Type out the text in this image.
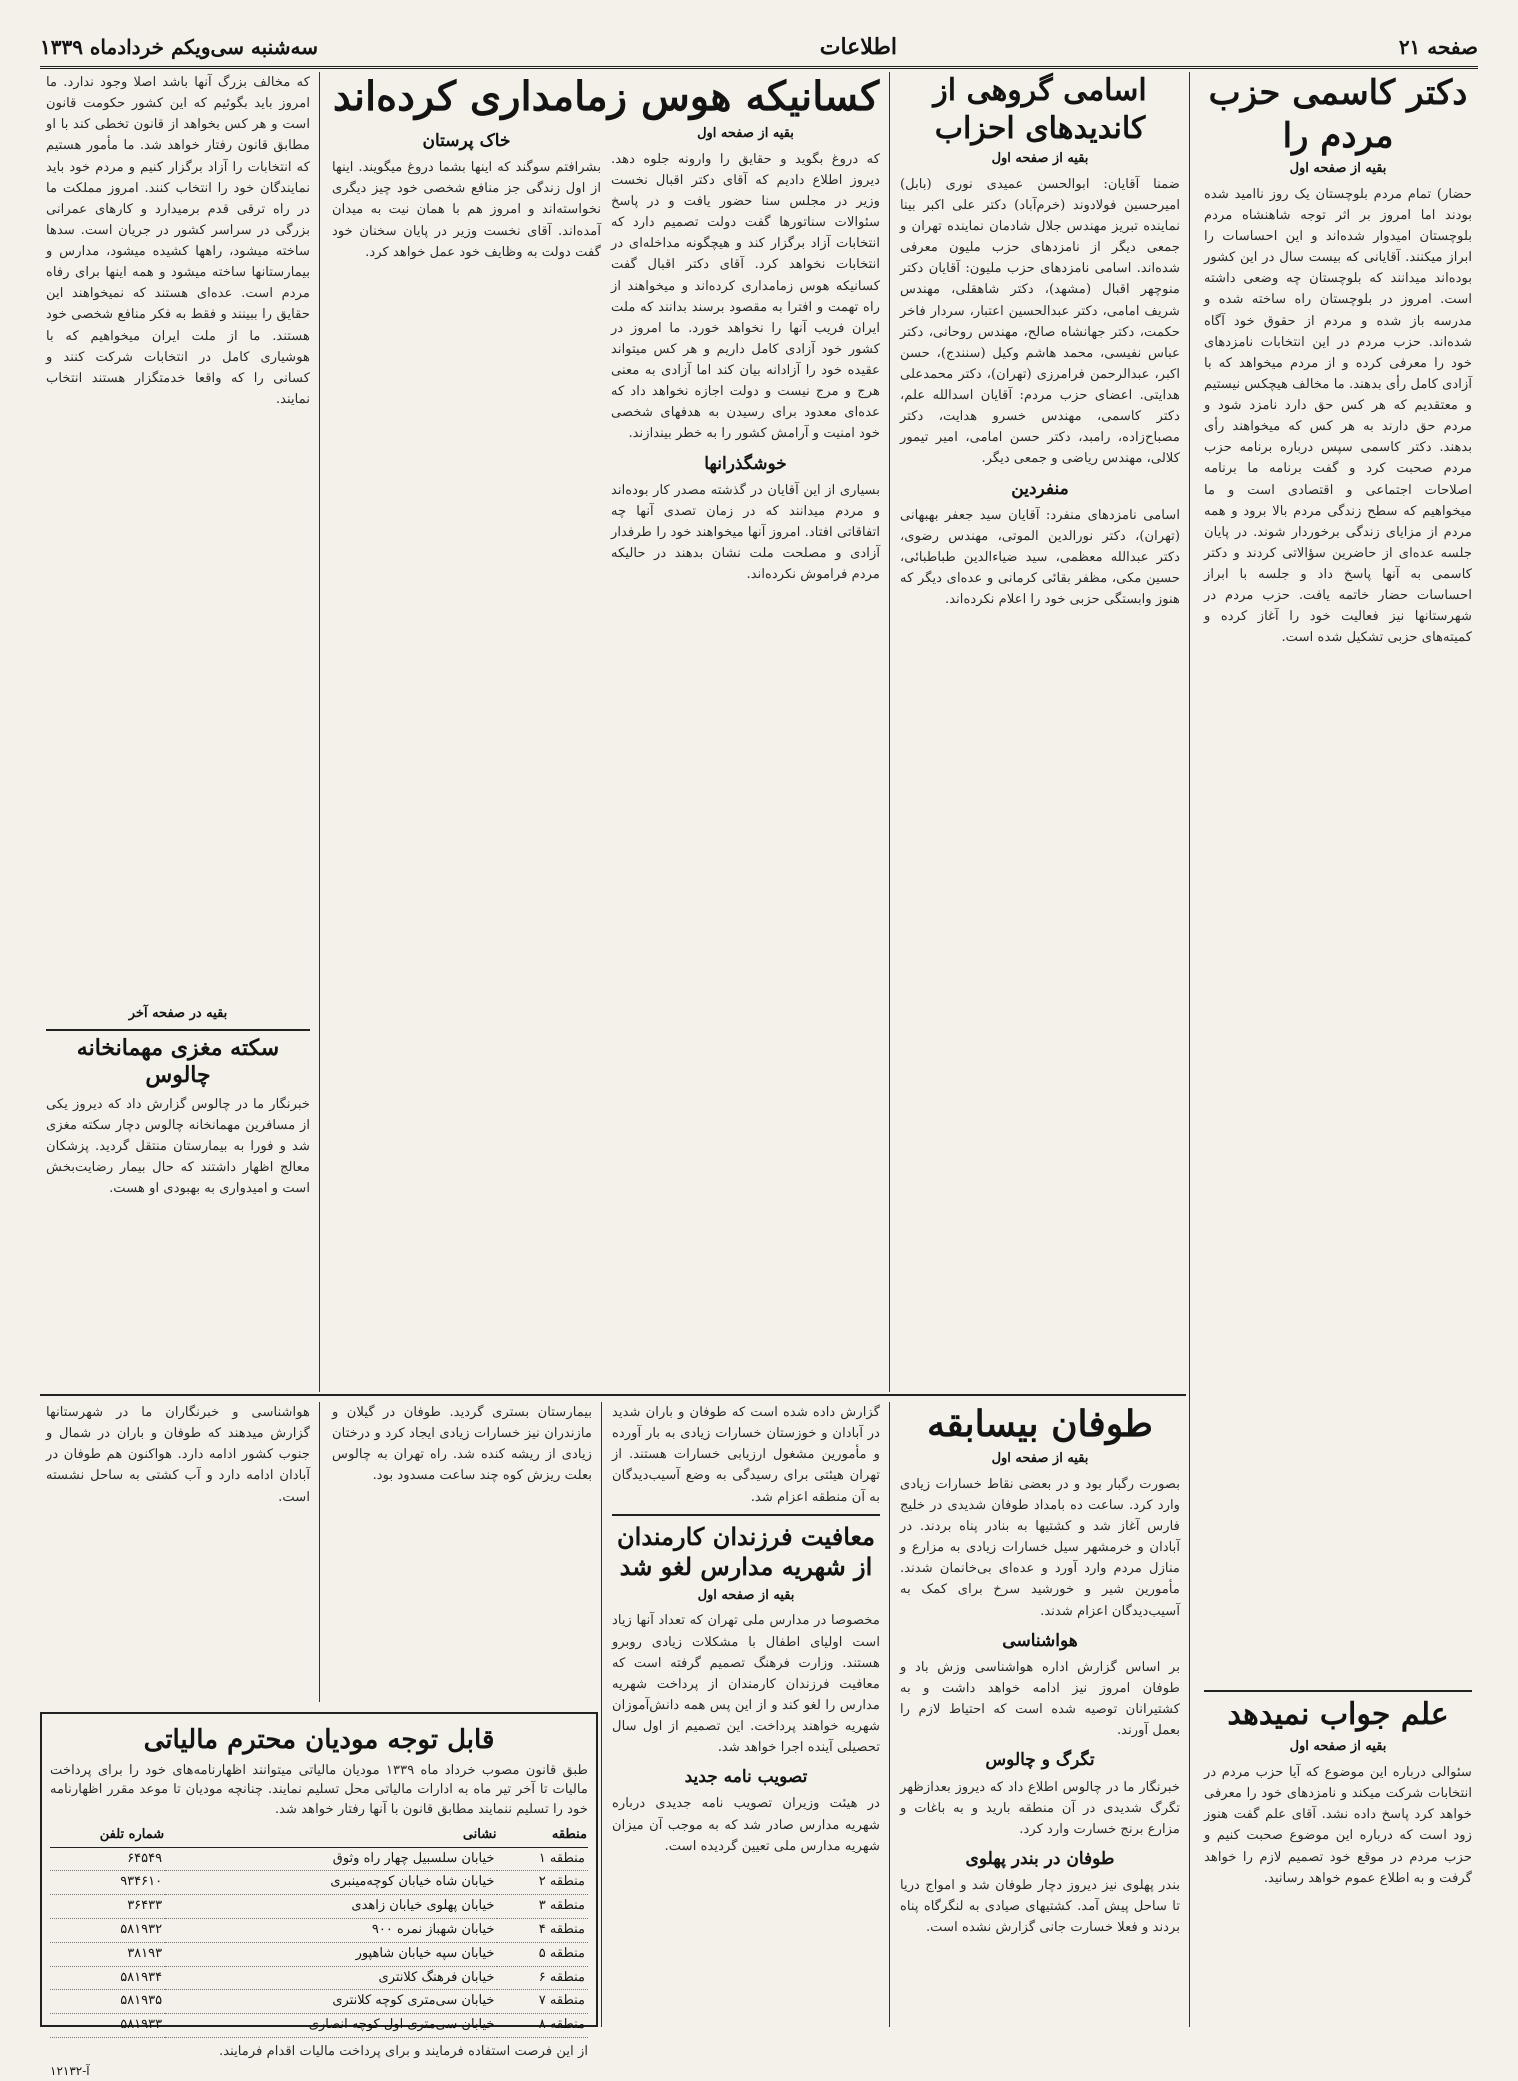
صفحه ۲۱
اطلاعات
سه‌شنبه سی‌ویکم خردادماه ۱۳۳۹
دکتر کاسمی حزب مردم را
بقیه از صفحه اول

حضار) تمام مردم بلوچستان یک روز ناامید شده بودند اما امروز بر اثر توجه شاهنشاه مردم بلوچستان امیدوار شده‌اند و این احساسات را ابراز میکنند. آقایانی که بیست سال در این کشور بوده‌اند میدانند که بلوچستان چه وضعی داشته است. امروز در بلوچستان راه ساخته شده و مدرسه باز شده و مردم از حقوق خود آگاه شده‌اند. حزب مردم در این انتخابات نامزدهای خود را معرفی کرده و از مردم میخواهد که با آزادی کامل رأی بدهند. ما مخالف هیچکس نیستیم و معتقدیم که هر کس حق دارد نامزد شود و مردم حق دارند به هر کس که میخواهند رأی بدهند. دکتر کاسمی سپس درباره برنامه حزب مردم صحبت کرد و گفت برنامه ما برنامه اصلاحات اجتماعی و اقتصادی است و ما میخواهیم که سطح زندگی مردم بالا برود و همه مردم از مزایای زندگی برخوردار شوند. در پایان جلسه عده‌ای از حاضرین سؤالاتی کردند و دکتر کاسمی به آنها پاسخ داد و جلسه با ابراز احساسات حضار خاتمه یافت. حزب مردم در شهرستانها نیز فعالیت خود را آغاز کرده و کمیته‌های حزبی تشکیل شده است.

علم جواب نمیدهد
بقیه از صفحه اول

سئوالی درباره این موضوع که آیا حزب مردم در انتخابات شرکت میکند و نامزدهای خود را معرفی خواهد کرد پاسخ داده نشد. آقای علم گفت هنوز زود است که درباره این موضوع صحبت کنیم و حزب مردم در موقع خود تصمیم لازم را خواهد گرفت و به اطلاع عموم خواهد رسانید.

اسامی گروهی از کاندیدهای احزاب
بقیه از صفحه اول

ضمنا آقایان: ابوالحسن عمیدی نوری (بابل) امیرحسین فولادوند (خرم‌آباد) دکتر علی اکبر بینا نماینده تبریز مهندس جلال شادمان نماینده تهران و جمعی دیگر از نامزدهای حزب ملیون معرفی شده‌اند. اسامی نامزدهای حزب ملیون: آقایان دکتر منوچهر اقبال (مشهد)، دکتر شاهقلی، مهندس شریف امامی، دکتر عبدالحسین اعتبار، سردار فاخر حکمت، دکتر جهانشاه صالح، مهندس روحانی، دکتر عباس نفیسی، محمد هاشم وکیل (سنندج)، حسن اکبر، عبدالرحمن فرامرزی (تهران)، دکتر محمدعلی هدایتی. اعضای حزب مردم: آقایان اسدالله علم، دکتر کاسمی، مهندس خسرو هدایت، دکتر مصباح‌زاده، رامبد، دکتر حسن امامی، امیر تیمور کلالی، مهندس ریاضی و جمعی دیگر.

منفردین

اسامی نامزدهای منفرد: آقایان سید جعفر بهبهانی (تهران)، دکتر نورالدین الموتی، مهندس رضوی، دکتر عبدالله معظمی، سید ضیاءالدین طباطبائی، حسین مکی، مظفر بقائی کرمانی و عده‌ای دیگر که هنوز وابستگی حزبی خود را اعلام نکرده‌اند.

کسانیکه هوس زمامداری کرده‌اند
بقیه از صفحه اول

که دروغ بگوید و حقایق را وارونه جلوه دهد. دیروز اطلاع دادیم که آقای دکتر اقبال نخست وزیر در مجلس سنا حضور یافت و در پاسخ سئوالات سناتورها گفت دولت تصمیم دارد که انتخابات آزاد برگزار کند و هیچگونه مداخله‌ای در انتخابات نخواهد کرد. آقای دکتر اقبال گفت کسانیکه هوس زمامداری کرده‌اند و میخواهند از راه تهمت و افترا به مقصود برسند بدانند که ملت ایران فریب آنها را نخواهد خورد. ما امروز در کشور خود آزادی کامل داریم و هر کس میتواند عقیده خود را آزادانه بیان کند اما آزادی به معنی هرج و مرج نیست و دولت اجازه نخواهد داد که عده‌ای معدود برای رسیدن به هدفهای شخصی خود امنیت و آرامش کشور را به خطر بیندازند.

خوشگذرانها

بسیاری از این آقایان در گذشته مصدر کار بوده‌اند و مردم میدانند که در زمان تصدی آنها چه اتفاقاتی افتاد. امروز آنها میخواهند خود را طرفدار آزادی و مصلحت ملت نشان بدهند در حالیکه مردم فراموش نکرده‌اند.

خاک پرستان

بشرافتم سوگند که اینها بشما دروغ میگویند. اینها از اول زندگی جز منافع شخصی خود چیز دیگری نخواسته‌اند و امروز هم با همان نیت به میدان آمده‌اند. آقای نخست وزیر در پایان سخنان خود گفت دولت به وظایف خود عمل خواهد کرد.

که مخالف بزرگ آنها باشد اصلا وجود ندارد. ما امروز باید بگوئیم که این کشور حکومت قانون است و هر کس بخواهد از قانون تخطی کند با او مطابق قانون رفتار خواهد شد. ما مأمور هستیم که انتخابات را آزاد برگزار کنیم و مردم خود باید نمایندگان خود را انتخاب کنند. امروز مملکت ما در راه ترقی قدم برمیدارد و کارهای عمرانی بزرگی در سراسر کشور در جریان است. سدها ساخته میشود، راهها کشیده میشود، مدارس و بیمارستانها ساخته میشود و همه اینها برای رفاه مردم است. عده‌ای هستند که نمیخواهند این حقایق را ببینند و فقط به فکر منافع شخصی خود هستند. ما از ملت ایران میخواهیم که با هوشیاری کامل در انتخابات شرکت کنند و کسانی را که واقعا خدمتگزار هستند انتخاب نمایند.

بقیه در صفحه آخر
سکته مغزی مهمانخانه چالوس

خبرنگار ما در چالوس گزارش داد که دیروز یکی از مسافرین مهمانخانه چالوس دچار سکته مغزی شد و فورا به بیمارستان منتقل گردید. پزشکان معالج اظهار داشتند که حال بیمار رضایت‌بخش است و امیدواری به بهبودی او هست.

طوفان بیسابقه
بقیه از صفحه اول

بصورت رگبار بود و در بعضی نقاط خسارات زیادی وارد کرد. ساعت ده بامداد طوفان شدیدی در خلیج فارس آغاز شد و کشتیها به بنادر پناه بردند. در آبادان و خرمشهر سیل خسارات زیادی به مزارع و منازل مردم وارد آورد و عده‌ای بی‌خانمان شدند. مأمورین شیر و خورشید سرخ برای کمک به آسیب‌دیدگان اعزام شدند.

هواشناسی

بر اساس گزارش اداره هواشناسی وزش باد و طوفان امروز نیز ادامه خواهد داشت و به کشتیرانان توصیه شده است که احتیاط لازم را بعمل آورند.

تگرگ و چالوس

خبرنگار ما در چالوس اطلاع داد که دیروز بعدازظهر تگرگ شدیدی در آن منطقه بارید و به باغات و مزارع برنج خسارت وارد کرد.

طوفان در بندر پهلوی

بندر پهلوی نیز دیروز دچار طوفان شد و امواج دریا تا ساحل پیش آمد. کشتیهای صیادی به لنگرگاه پناه بردند و فعلا خسارت جانی گزارش نشده است.

گزارش داده شده است که طوفان و باران شدید در آبادان و خوزستان خسارات زیادی به بار آورده و مأمورین مشغول ارزیابی خسارات هستند. از تهران هیئتی برای رسیدگی به وضع آسیب‌دیدگان به آن منطقه اعزام شد.

معافیت فرزندان کارمندان از شهریه مدارس لغو شد
بقیه از صفحه اول

مخصوصا در مدارس ملی تهران که تعداد آنها زیاد است اولیای اطفال با مشکلات زیادی روبرو هستند. وزارت فرهنگ تصمیم گرفته است که معافیت فرزندان کارمندان از پرداخت شهریه مدارس را لغو کند و از این پس همه دانش‌آموزان شهریه خواهند پرداخت. این تصمیم از اول سال تحصیلی آینده اجرا خواهد شد.

تصویب نامه جدید

در هیئت وزیران تصویب نامه جدیدی درباره شهریه مدارس صادر شد که به موجب آن میزان شهریه مدارس ملی تعیین گردیده است.

بیمارستان بستری گردید. طوفان در گیلان و مازندران نیز خسارات زیادی ایجاد کرد و درختان زیادی از ریشه کنده شد. راه تهران به چالوس بعلت ریزش کوه چند ساعت مسدود بود.

هواشناسی و خبرنگاران ما در شهرستانها گزارش میدهند که طوفان و باران در شمال و جنوب کشور ادامه دارد. هواکنون هم طوفان در آبادان ادامه دارد و آب کشتی به ساحل نشسته است.

قابل توجه مودیان محترم مالیاتی

طبق قانون مصوب خرداد ماه ۱۳۳۹ مودیان مالیاتی میتوانند اظهارنامه‌های خود را برای پرداخت مالیات تا آخر تیر ماه به ادارات مالیاتی محل تسلیم نمایند. چنانچه مودیان تا موعد مقرر اظهارنامه خود را تسلیم ننمایند مطابق قانون با آنها رفتار خواهد شد.

منطقه	نشانی	شماره تلفن
منطقه ۱	خیابان سلسبیل چهار راه وثوق	۶۴۵۴۹
منطقه ۲	خیابان شاه خیابان کوچه‌مینبری	۹۳۴۶۱۰
منطقه ۳	خیابان پهلوی خیابان زاهدی	۳۶۴۳۳
منطقه ۴	خیابان شهباز نمره ۹۰۰	۵۸۱۹۳۲
منطقه ۵	خیابان سپه خیابان شاهپور	۳۸۱۹۳
منطقه ۶	خیابان فرهنگ کلانتری	۵۸۱۹۳۴
منطقه ۷	خیابان سی‌متری کوچه کلانتری	۵۸۱۹۳۵
منطقه ۸	خیابان سی‌متری اول کوچه انصاری	۵۸۱۹۳۳

از این فرصت استفاده فرمایند و برای پرداخت مالیات اقدام فرمایند.

آ-۱۲۱۳۲
